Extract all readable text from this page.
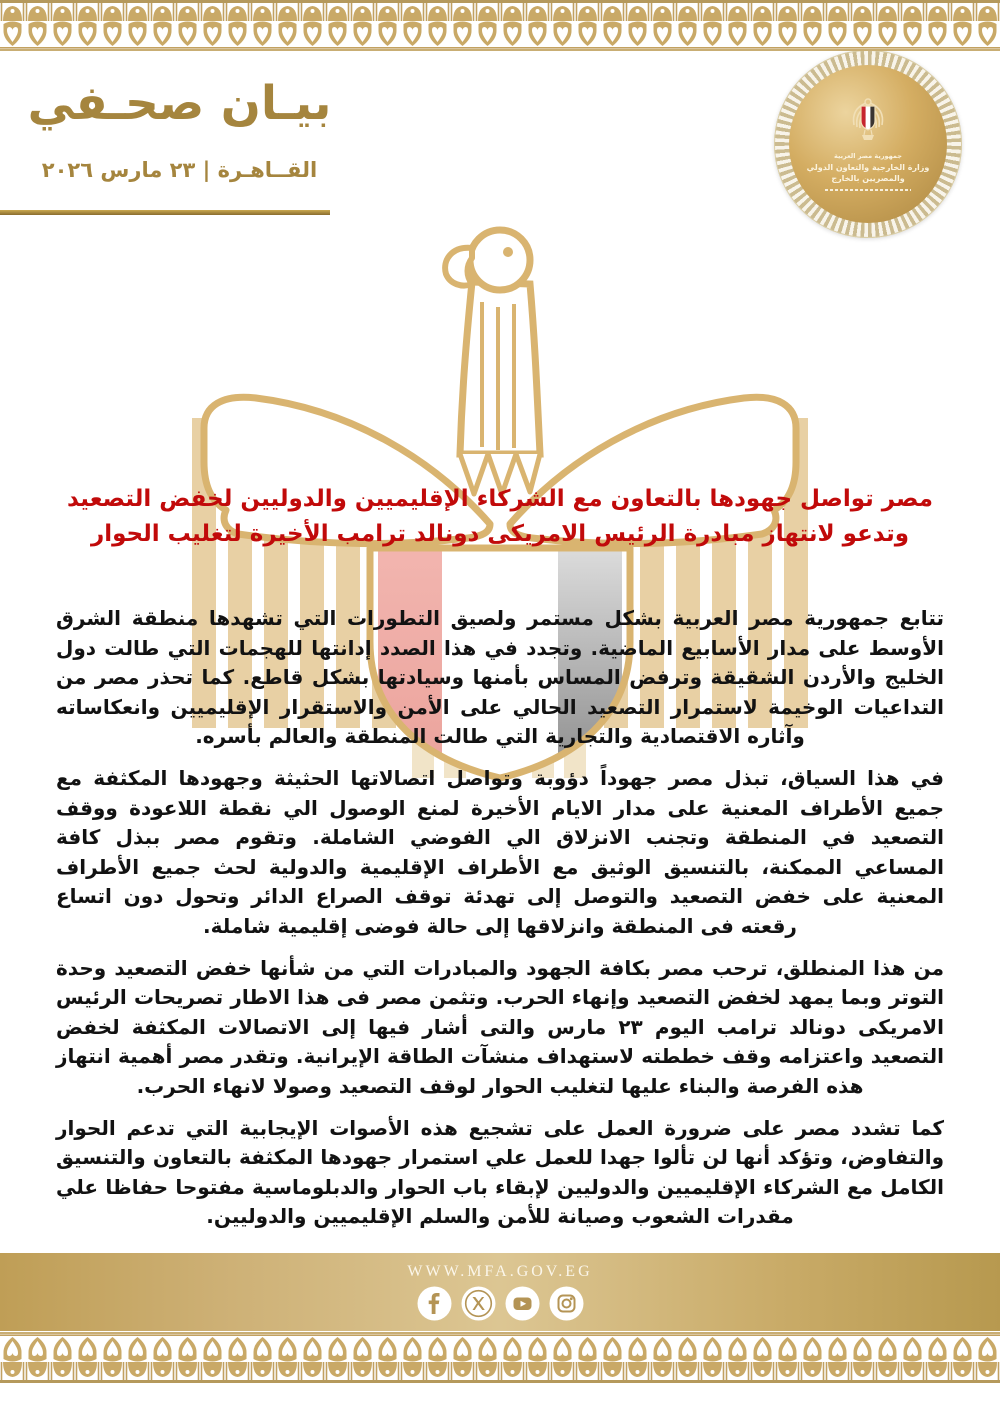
بيـان صحـفي
القــاهـرة | ٢٣ مارس ٢٠٢٦
جمهورية مصر العربية
وزارة الخارجية والتعاون الدولي
والمصريين بالخارج
مصر تواصل جهودها بالتعاون مع الشركاء الإقليميين والدوليين لخفض التصعيد وتدعو لانتهاز مبادرة الرئيس الامريكى دونالد ترامب الأخيرة لتغليب الحوار

تتابع جمهورية مصر العربية بشكل مستمر ولصيق التطورات التي تشهدها منطقة الشرق الأوسط على مدار الأسابيع الماضية. وتجدد في هذا الصدد إدانتها للهجمات التي طالت دول الخليج والأردن الشقيقة وترفض المساس بأمنها وسيادتها بشكل قاطع. كما تحذر مصر من التداعيات الوخيمة لاستمرار التصعيد الحالي على الأمن والاستقرار الإقليميين وانعكاساته وآثاره الاقتصادية والتجارية التي طالت المنطقة والعالم بأسره.

في هذا السياق، تبذل مصر جهوداً دؤوبة وتواصل اتصالاتها الحثيثة وجهودها المكثفة مع جميع الأطراف المعنية على مدار الايام الأخيرة لمنع الوصول الي نقطة اللاعودة ووقف التصعيد في المنطقة وتجنب الانزلاق الي الفوضي الشاملة. وتقوم مصر ببذل كافة المساعي الممكنة، بالتنسيق الوثيق مع الأطراف الإقليمية والدولية لحث جميع الأطراف المعنية على خفض التصعيد والتوصل إلى تهدئة توقف الصراع الدائر وتحول دون اتساع رقعته فى المنطقة وانزلاقها إلى حالة فوضى إقليمية شاملة.

من هذا المنطلق، ترحب مصر بكافة الجهود والمبادرات التي من شأنها خفض التصعيد وحدة التوتر وبما يمهد لخفض التصعيد وإنهاء الحرب. وتثمن مصر فى هذا الاطار تصريحات الرئيس الامريكى دونالد ترامب اليوم ٢٣ مارس والتى أشار فيها إلى الاتصالات المكثفة لخفض التصعيد واعتزامه وقف خططته لاستهداف منشآت الطاقة الإيرانية. وتقدر مصر أهمية انتهاز هذه الفرصة والبناء عليها لتغليب الحوار لوقف التصعيد وصولا لانهاء الحرب.

كما تشدد مصر على ضرورة العمل على تشجيع هذه الأصوات الإيجابية التي تدعم الحوار والتفاوض، وتؤكد أنها لن تألوا جهدا للعمل علي استمرار جهودها المكثفة بالتعاون والتنسيق الكامل مع الشركاء الإقليميين والدوليين لإبقاء باب الحوار والدبلوماسية مفتوحا حفاظا علي مقدرات الشعوب وصيانة للأمن والسلم الإقليميين والدوليين.

WWW.MFA.GOV.EG
